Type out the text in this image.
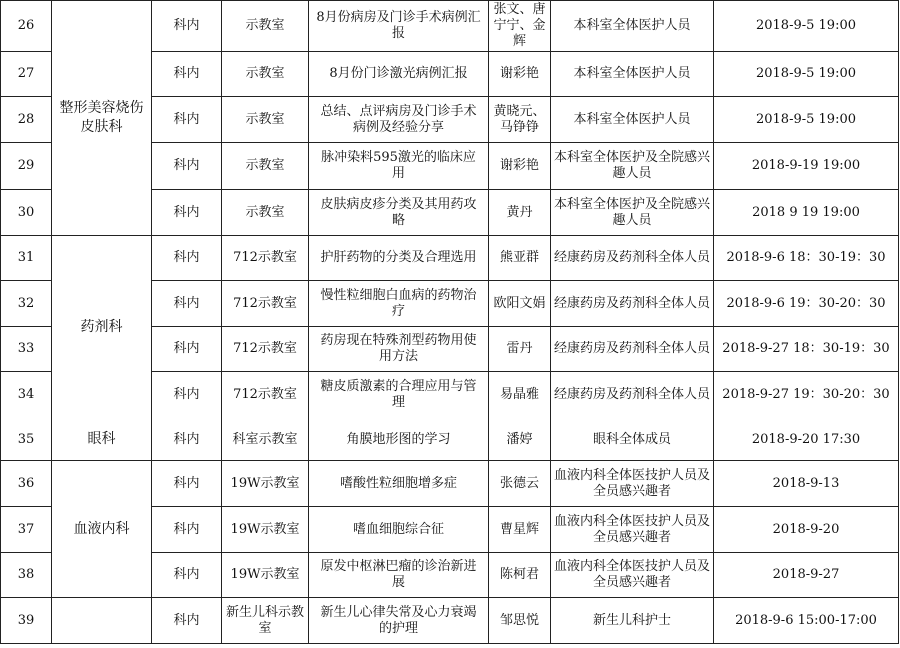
26	整形美容烧伤皮肤科	科内	示教室	8月份病房及门诊手术病例汇报	张文、唐宁宁、金辉	本科室全体医护人员	2018-9-5 19:00
27		科内	示教室	8月份门诊激光病例汇报	谢彩艳	本科室全体医护人员	2018-9-5 19:00
28		科内	示教室	总结、点评病房及门诊手术病例及经验分享	黄晓元、马铮铮	本科室全体医护人员	2018-9-5 19:00
29		科内	示教室	脉冲染料595激光的临床应用	谢彩艳	本科室全体医护及全院感兴趣人员	2018-9-19 19:00
30		科内	示教室	皮肤病皮疹分类及其用药攻略	黄丹	本科室全体医护及全院感兴趣人员	2018 9 19 19:00
31	药剂科	科内	712示教室	护肝药物的分类及合理选用	熊亚群	经康药房及药剂科全体人员	2018-9-6 18：30-19：30
32		科内	712示教室	慢性粒细胞白血病的药物治疗	欧阳文娟	经康药房及药剂科全体人员	2018-9-6 19：30-20：30
33		科内	712示教室	药房现在特殊剂型药物用使用方法	雷丹	经康药房及药剂科全体人员	2018-9-27 18：30-19：30
34		科内	712示教室	糖皮质激素的合理应用与管理	易晶雅	经康药房及药剂科全体人员	2018-9-27 19：30-20：30
35	眼科	科内	科室示教室	角膜地形图的学习	潘婷	眼科全体成员	2018-9-20 17:30
36	血液内科	科内	19W示教室	嗜酸性粒细胞增多症	张德云	血液内科全体医技护人员及全员感兴趣者	2018-9-13
37		科内	19W示教室	嗜血细胞综合征	曹星辉	血液内科全体医技护人员及全员感兴趣者	2018-9-20
38		科内	19W示教室	原发中枢淋巴瘤的诊治新进展	陈柯君	血液内科全体医技护人员及全员感兴趣者	2018-9-27
39		科内	新生儿科示教室	新生儿心律失常及心力衰竭的护理	邹思悦	新生儿科护士	2018-9-6 15:00-17:00
